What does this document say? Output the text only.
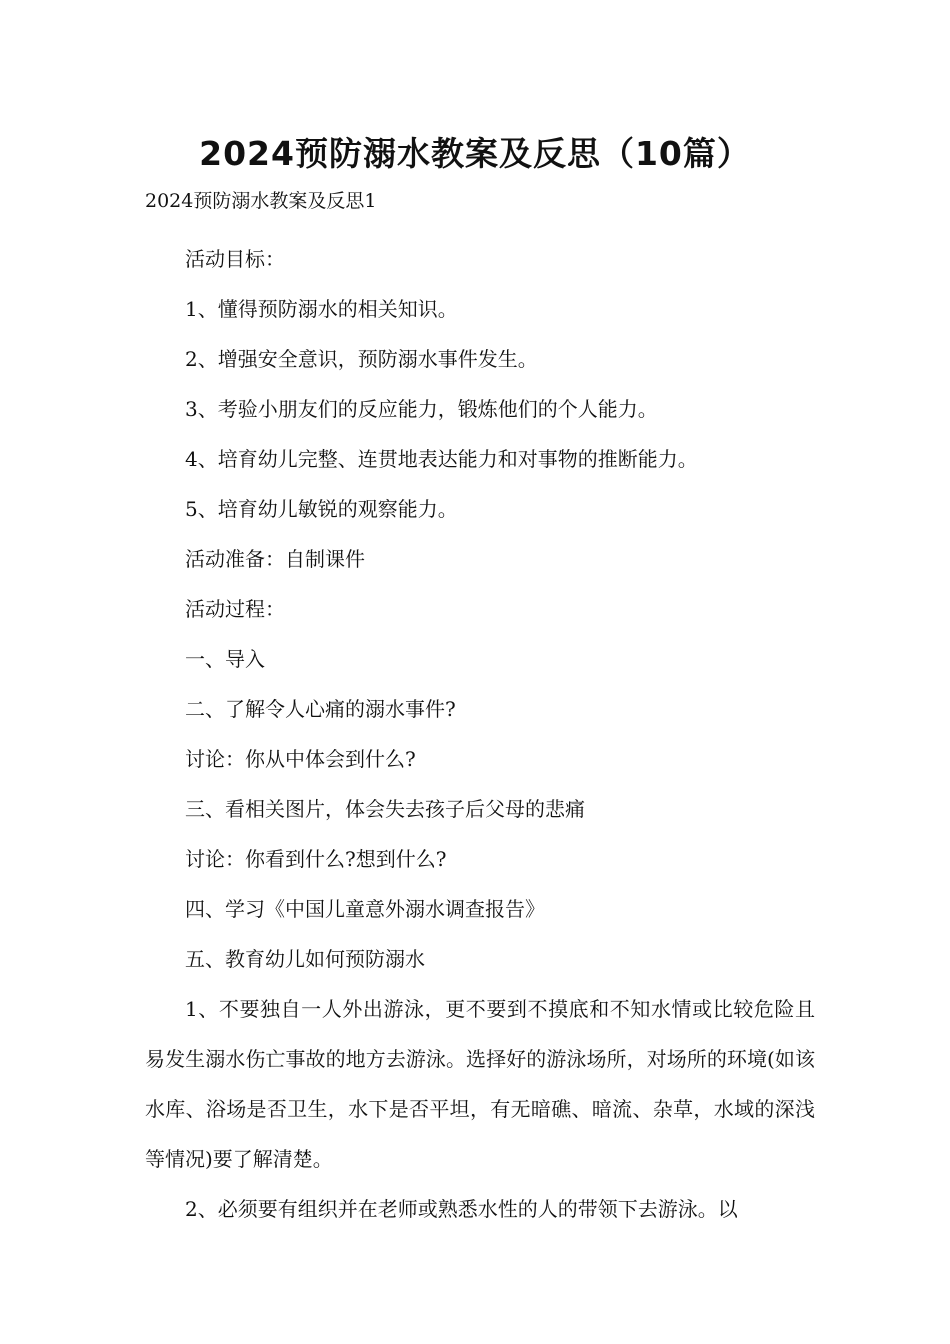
2024预防溺水教案及反思（10篇）
2024预防溺水教案及反思1

活动目标：

1、懂得预防溺水的相关知识。

2、增强安全意识，预防溺水事件发生。

3、考验小朋友们的反应能力，锻炼他们的个人能力。

4、培育幼儿完整、连贯地表达能力和对事物的推断能力。

5、培育幼儿敏锐的观察能力。

活动准备：自制课件

活动过程：

一、导入

二、了解令人心痛的溺水事件?

讨论：你从中体会到什么?

三、看相关图片，体会失去孩子后父母的悲痛

讨论：你看到什么?想到什么?

四、学习《中国儿童意外溺水调查报告》

五、教育幼儿如何预防溺水

1、不要独自一人外出游泳，更不要到不摸底和不知水情或比较危险且易发生溺水伤亡事故的地方去游泳。选择好的游泳场所，对场所的环境(如该水库、浴场是否卫生，水下是否平坦，有无暗礁、暗流、杂草，水域的深浅等情况)要了解清楚。

2、必须要有组织并在老师或熟悉水性的人的带领下去游泳。以
